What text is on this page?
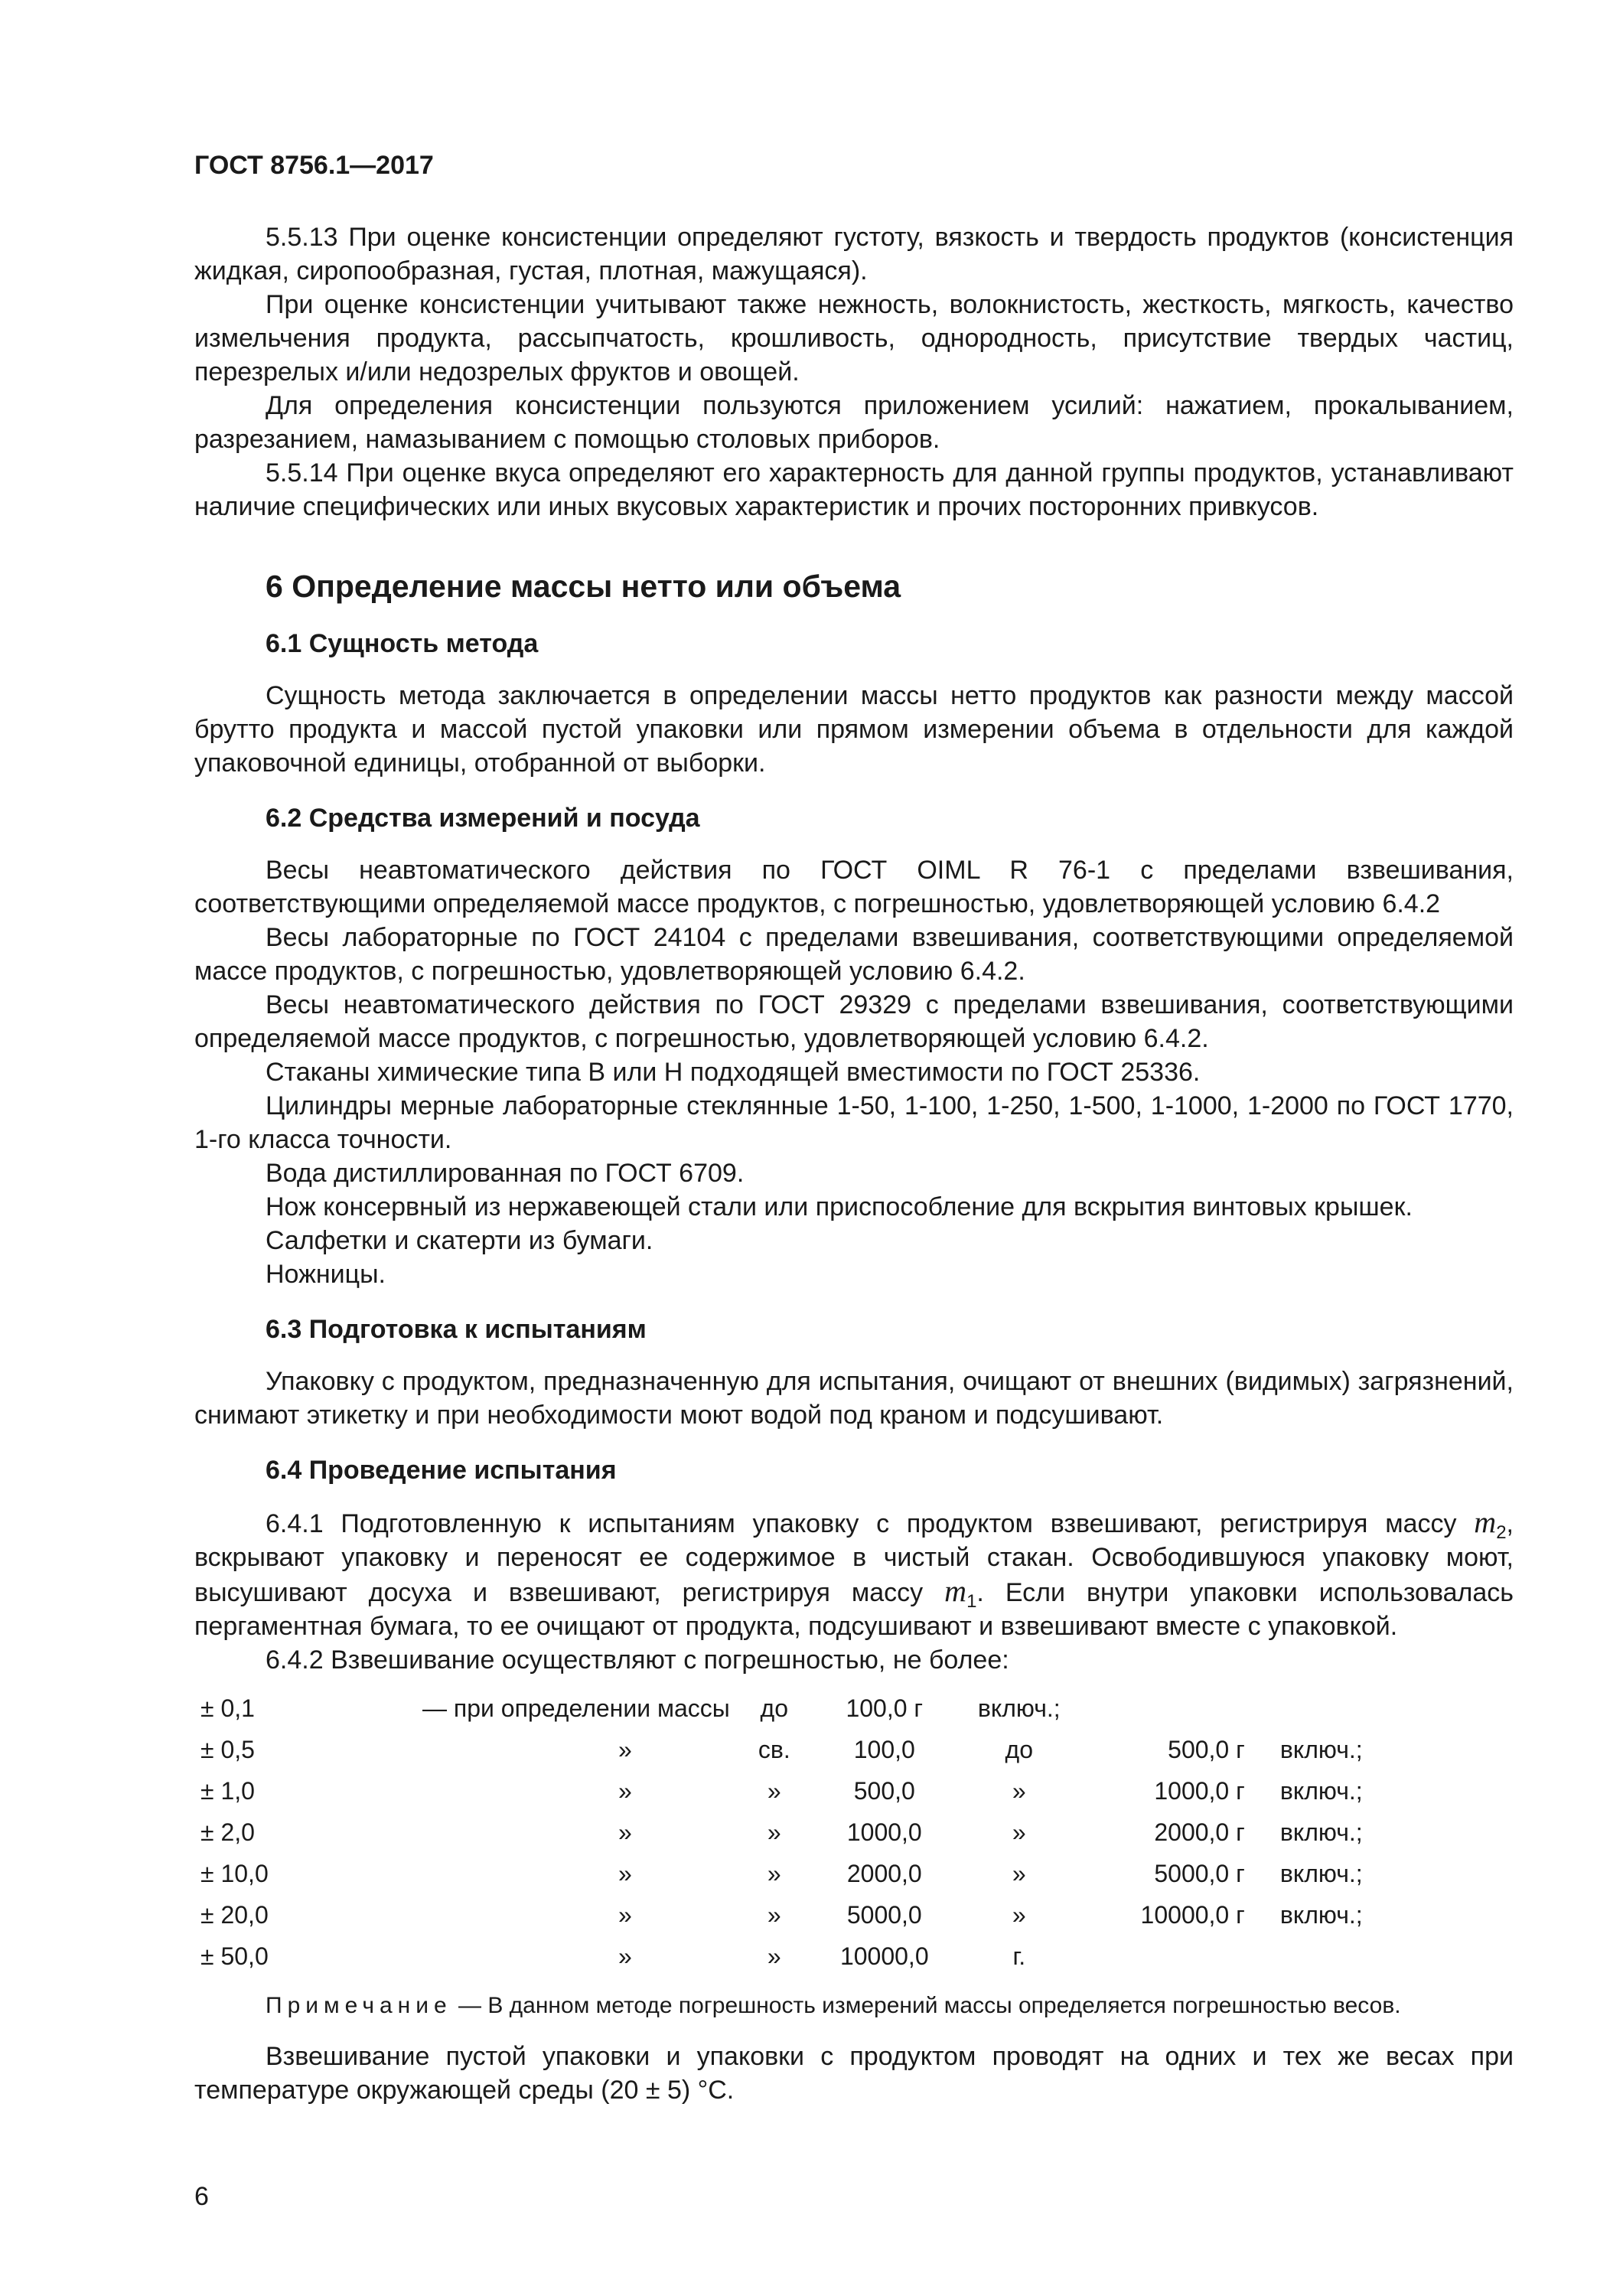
ГОСТ 8756.1—2017

5.5.13 При оценке консистенции определяют густоту, вязкость и твердость продуктов (консистенция жидкая, сиропообразная, густая, плотная, мажущаяся).

При оценке консистенции учитывают также нежность, волокнистость, жесткость, мягкость, качество измельчения продукта, рассыпчатость, крошливость, однородность, присутствие твердых частиц, перезрелых и/или недозрелых фруктов и овощей.

Для определения консистенции пользуются приложением усилий: нажатием, прокалыванием, разрезанием, намазыванием с помощью столовых приборов.

5.5.14 При оценке вкуса определяют его характерность для данной группы продуктов, устанавливают наличие специфических или иных вкусовых характеристик и прочих посторонних привкусов.

6 Определение массы нетто или объема
6.1 Сущность метода

Сущность метода заключается в определении массы нетто продуктов как разности между массой брутто продукта и массой пустой упаковки или прямом измерении объема в отдельности для каждой упаковочной единицы, отобранной от выборки.

6.2 Средства измерений и посуда

Весы неавтоматического действия по ГОСТ OIML R 76-1 с пределами взвешивания, соответствующими определяемой массе продуктов, с погрешностью, удовлетворяющей условию 6.4.2

Весы лабораторные по ГОСТ 24104 с пределами взвешивания, соответствующими определяемой массе продуктов, с погрешностью, удовлетворяющей условию 6.4.2.

Весы неавтоматического действия по ГОСТ 29329 с пределами взвешивания, соответствующими определяемой массе продуктов, с погрешностью, удовлетворяющей условию 6.4.2.

Стаканы химические типа В или Н подходящей вместимости по ГОСТ 25336.

Цилиндры мерные лабораторные стеклянные 1-50, 1-100, 1-250, 1-500, 1-1000, 1-2000 по ГОСТ 1770, 1-го класса точности.

Вода дистиллированная по ГОСТ 6709.

Нож консервный из нержавеющей стали или приспособление для вскрытия винтовых крышек.

Салфетки и скатерти из бумаги.

Ножницы.

6.3 Подготовка к испытаниям

Упаковку с продуктом, предназначенную для испытания, очищают от внешних (видимых) загрязнений, снимают этикетку и при необходимости моют водой под краном и подсушивают.

6.4 Проведение испытания

6.4.1 Подготовленную к испытаниям упаковку с продуктом взвешивают, регистрируя массу $m_2$, вскрывают упаковку и переносят ее содержимое в чистый стакан. Освободившуюся упаковку моют, высушивают досуха и взвешивают, регистрируя массу $m_1$. Если внутри упаковки использовалась пергаментная бумага, то ее очищают от продукта, подсушивают и взвешивают вместе с упаковкой.

6.4.2 Взвешивание осуществляют с погрешностью, не более:

± 0,1	— при определении массы	до	100,0 г	включ.;		
± 0,5	»	св.	100,0	до	500,0 г	включ.;
± 1,0	»	»	500,0	»	1000,0 г	включ.;
± 2,0	»	»	1000,0	»	2000,0 г	включ.;
± 10,0	»	»	2000,0	»	5000,0 г	включ.;
± 20,0	»	»	5000,0	»	10000,0 г	включ.;
± 50,0	»	»	10000,0	г.		
Примечание — В данном методе погрешность измерений массы определяется погрешностью весов.

Взвешивание пустой упаковки и упаковки с продуктом проводят на одних и тех же весах при температуре окружающей среды (20 ± 5) °С.

6
